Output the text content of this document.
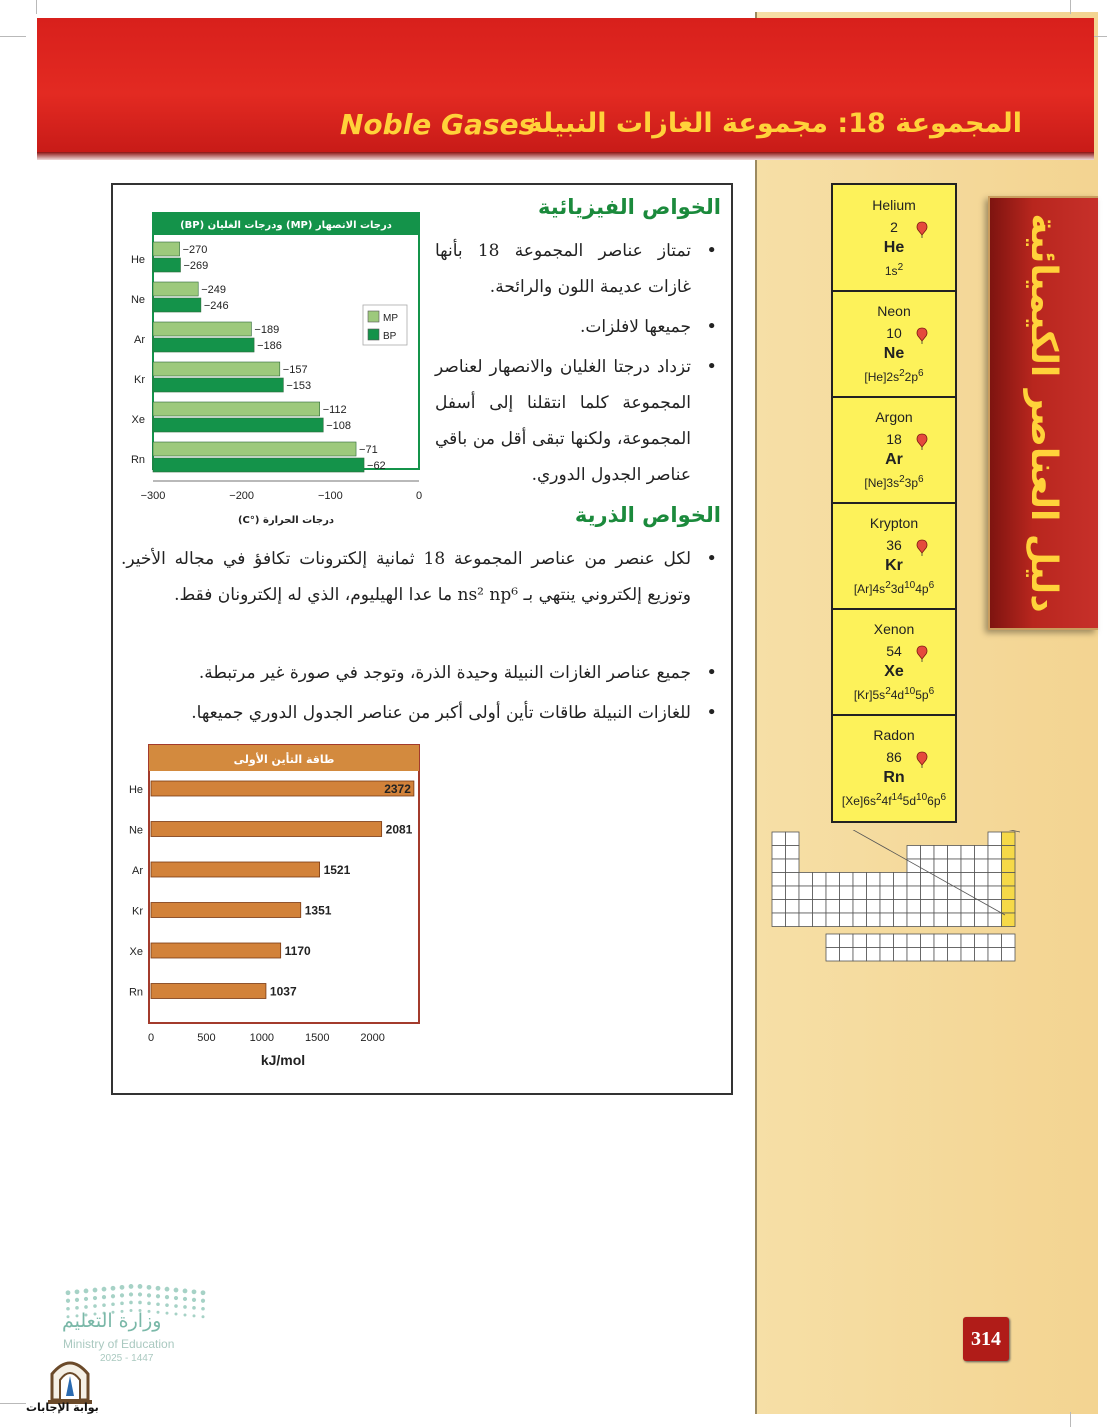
المجموعة 18: مجموعة الغازات النبيلة
Noble Gases
دليل العناصر الكيميائية
Helium
2
He
$1s^2$
Neon
10
Ne
$[He]2s^22p^6$
Argon
18
Ar
$[Ne]3s^23p^6$
Krypton
36
Kr
$[Ar]4s^23d^{10}4p^6$
Xenon
54
Xe
$[Kr]5s^24d^{10}5p^6$
Radon
86
Rn
$[Xe]6s^24f^{14}5d^{10}6p^6$
درجات الانصهار (MP) ودرجات الغليان (BP)
He
−270
−269
Ne
−249
−246
Ar
−189
−186
Kr
−157
−153
Xe
−112
−108
Rn
−71
−62
−300	−200	−100	0
MP
BP
درجات الحرارة (°C)
طاقة التأين الأولى
He	2372
Ne	2081
Ar	1521
Kr	1351
Xe	1170
Rn	1037
0	500	1000	1500	2000
kJ/mol
الخواص الفيزيائية
•
تمتاز عناصر المجموعة 18 بأنها غازات عديمة اللون والرائحة.
•
جميعها لافلزات.
•
تزداد درجتا الغليان والانصهار لعناصر المجموعة كلما انتقلنا إلى أسفل المجموعة، ولكنها تبقى أقل من باقي عناصر الجدول الدوري.
الخواص الذرية
•
لكل عنصر من عناصر المجموعة 18 ثمانية إلكترونات تكافؤ في مجاله الأخير. وتوزيع إلكتروني ينتهي بـ ns² np⁶ ما عدا الهيليوم، الذي له إلكترونان فقط.
•
جميع عناصر الغازات النبيلة وحيدة الذرة، وتوجد في صورة غير مرتبطة.
•
للغازات النبيلة طاقات تأين أولى أكبر من عناصر الجدول الدوري جميعها.
314
وزارة التعليم
Ministry of Education
2025 - 1447
بوابة الإجابات
